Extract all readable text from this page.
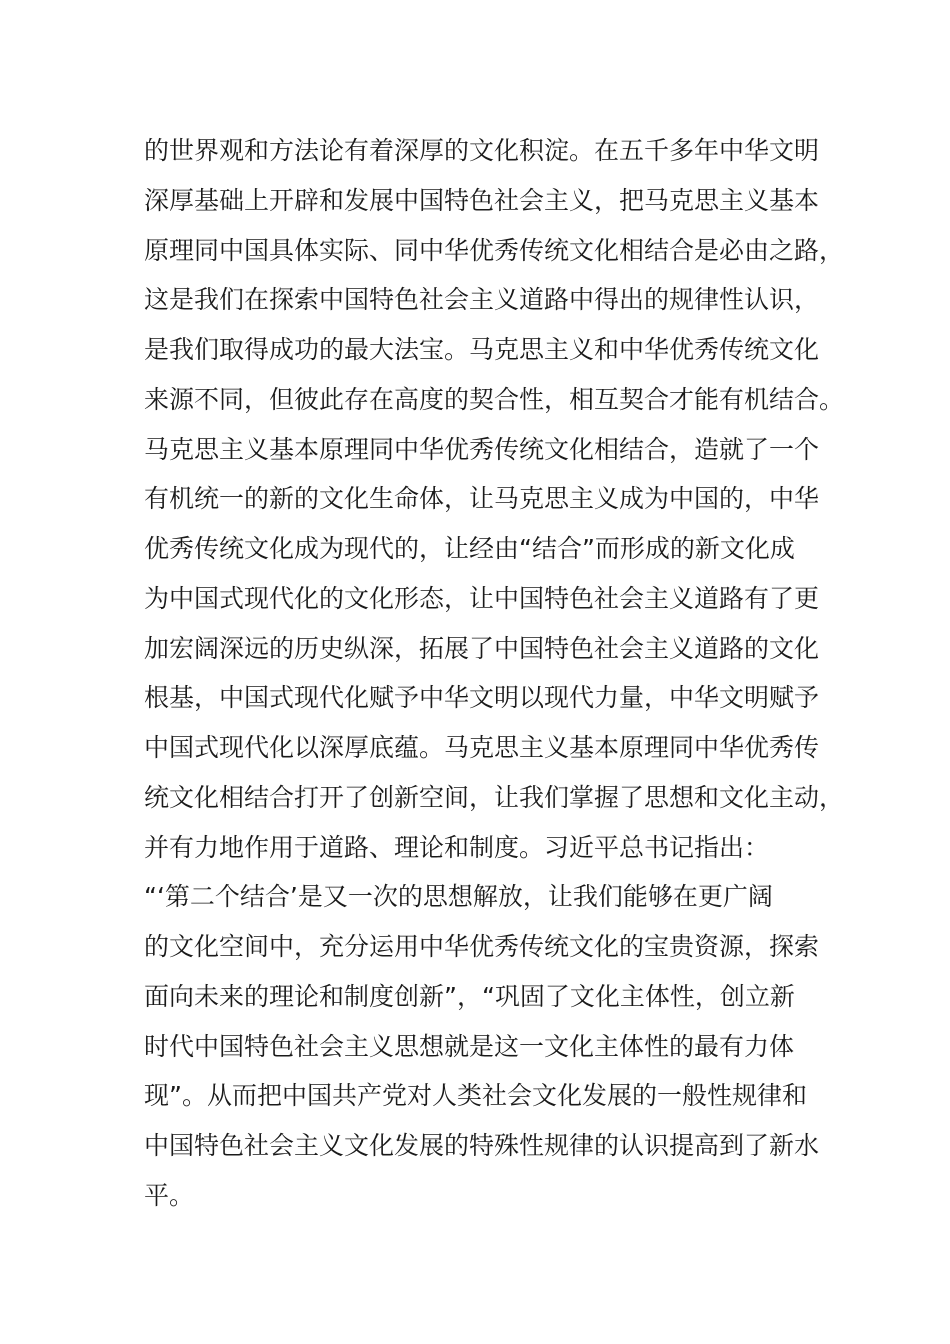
的世界观和方法论有着深厚的文化积淀。在五千多年中华文明
深厚基础上开辟和发展中国特色社会主义，把马克思主义基本
原理同中国具体实际、同中华优秀传统文化相结合是必由之路，
这是我们在探索中国特色社会主义道路中得出的规律性认识，
是我们取得成功的最大法宝。马克思主义和中华优秀传统文化
来源不同，但彼此存在高度的契合性，相互契合才能有机结合。
马克思主义基本原理同中华优秀传统文化相结合，造就了一个
有机统一的新的文化生命体，让马克思主义成为中国的，中华
优秀传统文化成为现代的，让经由“结合”而形成的新文化成
为中国式现代化的文化形态，让中国特色社会主义道路有了更
加宏阔深远的历史纵深，拓展了中国特色社会主义道路的文化
根基，中国式现代化赋予中华文明以现代力量，中华文明赋予
中国式现代化以深厚底蕴。马克思主义基本原理同中华优秀传
统文化相结合打开了创新空间，让我们掌握了思想和文化主动，
并有力地作用于道路、理论和制度。习近平总书记指出：
“‘第二个结合’是又一次的思想解放，让我们能够在更广阔
的文化空间中，充分运用中华优秀传统文化的宝贵资源，探索
面向未来的理论和制度创新”，“巩固了文化主体性，创立新
时代中国特色社会主义思想就是这一文化主体性的最有力体
现”。从而把中国共产党对人类社会文化发展的一般性规律和
中国特色社会主义文化发展的特殊性规律的认识提高到了新水
平。
